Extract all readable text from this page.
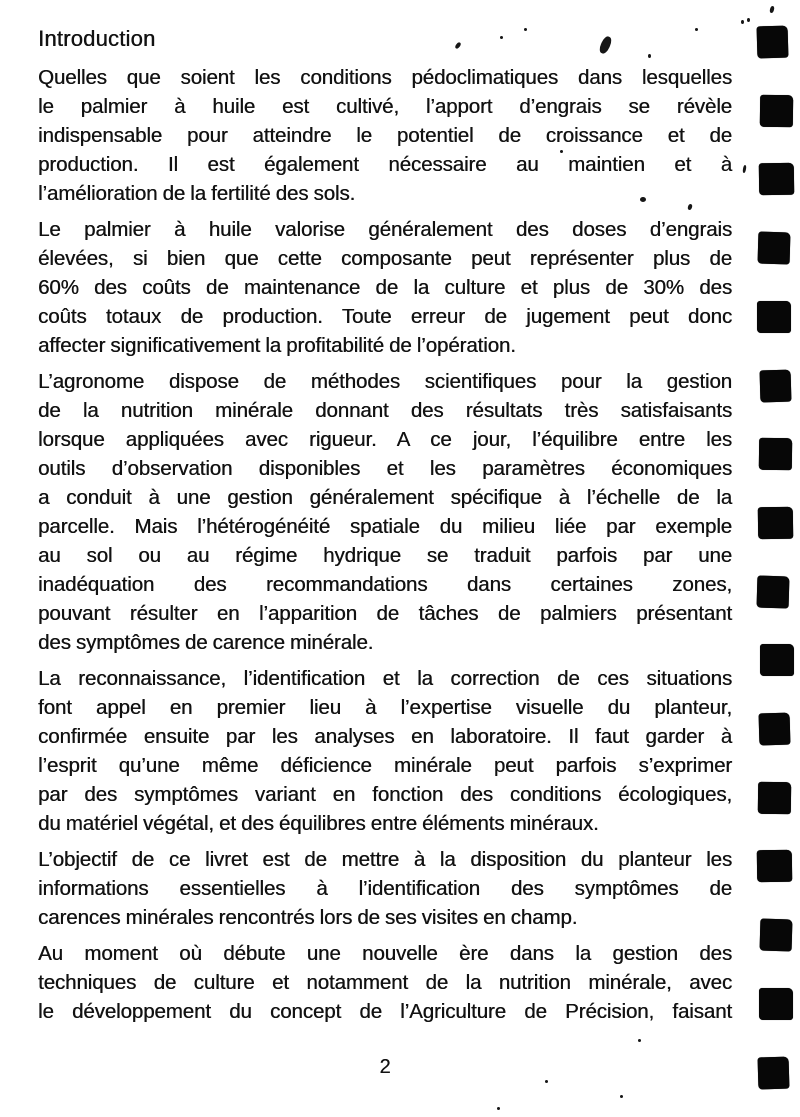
Introduction
Quelles que soient les conditions pédoclimatiques dans lesquelles
le palmier à huile est cultivé, l’apport d’engrais se révèle
indispensable pour atteindre le potentiel de croissance et de
production. Il est également nécessaire au maintien et à
l’amélioration de la fertilité des sols.
Le palmier à huile valorise généralement des doses d’engrais
élevées, si bien que cette composante peut représenter plus de
60% des coûts de maintenance de la culture et plus de 30% des
coûts totaux de production. Toute erreur de jugement peut donc
affecter significativement la profitabilité de l’opération.
L’agronome dispose de méthodes scientifiques pour la gestion
de la nutrition minérale donnant des résultats très satisfaisants
lorsque appliquées avec rigueur. A ce jour, l’équilibre entre les
outils d’observation disponibles et les paramètres économiques
a conduit à une gestion généralement spécifique à l’échelle de la
parcelle. Mais l’hétérogénéité spatiale du milieu liée par exemple
au sol ou au régime hydrique se traduit parfois par une
inadéquation des recommandations dans certaines zones,
pouvant résulter en l’apparition de tâches de palmiers présentant
des symptômes de carence minérale.
La reconnaissance, l’identification et la correction de ces situations
font appel en premier lieu à l’expertise visuelle du planteur,
confirmée ensuite par les analyses en laboratoire. Il faut garder à
l’esprit qu’une même déficience minérale peut parfois s’exprimer
par des symptômes variant en fonction des conditions écologiques,
du matériel végétal, et des équilibres entre éléments minéraux.
L’objectif de ce livret est de mettre à la disposition du planteur les
informations essentielles à l’identification des symptômes de
carences minérales rencontrés lors de ses visites en champ.
Au moment où débute une nouvelle ère dans la gestion des
techniques de culture et notamment de la nutrition minérale, avec
le développement du concept de l’Agriculture de Précision, faisant
2
